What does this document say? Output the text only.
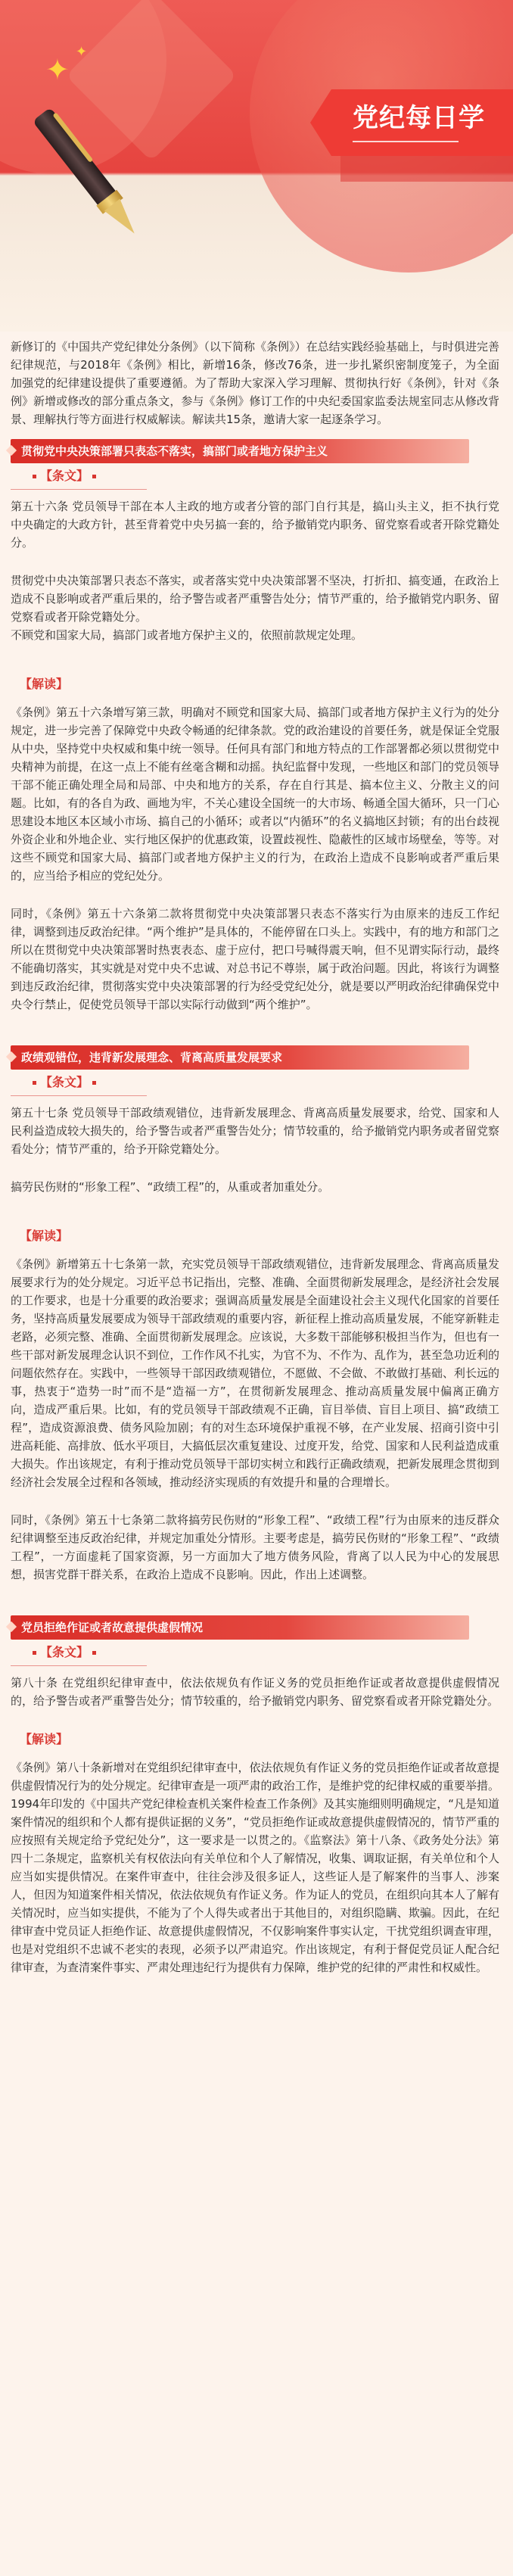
✦
✦
党纪每日学

新修订的《中国共产党纪律处分条例》（以下简称《条例》）在总结实践经验基础上，与时俱进完善纪律规范，与2018年《条例》相比，新增16条，修改76条，进一步扎紧织密制度笼子，为全面加强党的纪律建设提供了重要遵循。为了帮助大家深入学习理解、贯彻执行好《条例》，针对《条例》新增或修改的部分重点条文，参与《条例》修订工作的中央纪委国家监委法规室同志从修改背景、理解执行等方面进行权威解读。解读共15条，邀请大家一起逐条学习。

贯彻党中央决策部署只表态不落实，搞部门或者地方保护主义
【条文】

第五十六条 党员领导干部在本人主政的地方或者分管的部门自行其是，搞山头主义，拒不执行党中央确定的大政方针，甚至背着党中央另搞一套的，给予撤销党内职务、留党察看或者开除党籍处分。

贯彻党中央决策部署只表态不落实，或者落实党中央决策部署不坚决，打折扣、搞变通，在政治上造成不良影响或者严重后果的，给予警告或者严重警告处分；情节严重的，给予撤销党内职务、留党察看或者开除党籍处分。

不顾党和国家大局，搞部门或者地方保护主义的，依照前款规定处理。

【解读】

《条例》第五十六条增写第三款，明确对不顾党和国家大局、搞部门或者地方保护主义行为的处分规定，进一步完善了保障党中央政令畅通的纪律条款。党的政治建设的首要任务，就是保证全党服从中央，坚持党中央权威和集中统一领导。任何具有部门和地方特点的工作部署都必须以贯彻党中央精神为前提，在这一点上不能有丝毫含糊和动摇。执纪监督中发现，一些地区和部门的党员领导干部不能正确处理全局和局部、中央和地方的关系，存在自行其是、搞本位主义、分散主义的问题。比如，有的各自为政、画地为牢，不关心建设全国统一的大市场、畅通全国大循环，只一门心思建设本地区本区域小市场、搞自己的小循环；或者以“内循环”的名义搞地区封锁；有的出台歧视外资企业和外地企业、实行地区保护的优惠政策，设置歧视性、隐蔽性的区域市场壁垒，等等。对这些不顾党和国家大局、搞部门或者地方保护主义的行为，在政治上造成不良影响或者严重后果的，应当给予相应的党纪处分。

同时，《条例》第五十六条第二款将贯彻党中央决策部署只表态不落实行为由原来的违反工作纪律，调整到违反政治纪律。“两个维护”是具体的，不能停留在口头上。实践中，有的地方和部门之所以在贯彻党中央决策部署时热衷表态、虚于应付，把口号喊得震天响，但不见谓实际行动，最终不能确切落实，其实就是对党中央不忠诚、对总书记不尊崇，属于政治问题。因此，将该行为调整到违反政治纪律，贯彻落实党中央决策部署的行为经受党纪处分，就是要以严明政治纪律确保党中央令行禁止，促使党员领导干部以实际行动做到“两个维护”。

政绩观错位，违背新发展理念、背离高质量发展要求
【条文】

第五十七条 党员领导干部政绩观错位，违背新发展理念、背离高质量发展要求，给党、国家和人民利益造成较大损失的，给予警告或者严重警告处分；情节较重的，给予撤销党内职务或者留党察看处分；情节严重的，给予开除党籍处分。

搞劳民伤财的“形象工程”、“政绩工程”的，从重或者加重处分。

【解读】

《条例》新增第五十七条第一款，充实党员领导干部政绩观错位，违背新发展理念、背离高质量发展要求行为的处分规定。习近平总书记指出，完整、准确、全面贯彻新发展理念，是经济社会发展的工作要求，也是十分重要的政治要求；强调高质量发展是全面建设社会主义现代化国家的首要任务，坚持高质量发展要成为领导干部政绩观的重要内容，新征程上推动高质量发展，不能穿新鞋走老路，必须完整、准确、全面贯彻新发展理念。应该说，大多数干部能够积极担当作为，但也有一些干部对新发展理念认识不到位，工作作风不扎实，为官不为、不作为、乱作为，甚至急功近利的问题依然存在。实践中，一些领导干部因政绩观错位，不愿做、不会做、不敢做打基础、利长远的事，热衷于“造势一时”而不是“造福一方”，在贯彻新发展理念、推动高质量发展中偏离正确方向，造成严重后果。比如，有的党员领导干部政绩观不正确，盲目举债、盲目上项目、搞“政绩工程”，造成资源浪费、债务风险加剧；有的对生态环境保护重视不够，在产业发展、招商引资中引进高耗能、高排放、低水平项目，大搞低层次重复建设、过度开发，给党、国家和人民利益造成重大损失。作出该规定，有利于推动党员领导干部切实树立和践行正确政绩观，把新发展理念贯彻到经济社会发展全过程和各领域，推动经济实现质的有效提升和量的合理增长。

同时，《条例》第五十七条第二款将搞劳民伤财的“形象工程”、“政绩工程”行为由原来的违反群众纪律调整至违反政治纪律，并规定加重处分情形。主要考虑是，搞劳民伤财的“形象工程”、“政绩工程”，一方面虚耗了国家资源，另一方面加大了地方债务风险，背离了以人民为中心的发展思想，损害党群干群关系，在政治上造成不良影响。因此，作出上述调整。

党员拒绝作证或者故意提供虚假情况
【条文】

第八十条 在党组织纪律审查中，依法依规负有作证义务的党员拒绝作证或者故意提供虚假情况的，给予警告或者严重警告处分；情节较重的，给予撤销党内职务、留党察看或者开除党籍处分。

【解读】

《条例》第八十条新增对在党组织纪律审查中，依法依规负有作证义务的党员拒绝作证或者故意提供虚假情况行为的处分规定。纪律审查是一项严肃的政治工作，是维护党的纪律权威的重要举措。1994年印发的《中国共产党纪律检查机关案件检查工作条例》及其实施细则明确规定，“凡是知道案件情况的组织和个人都有提供证据的义务”，“党员拒绝作证或故意提供虚假情况的，情节严重的应按照有关规定给予党纪处分”，这一要求是一以贯之的。《监察法》第十八条、《政务处分法》第四十二条规定，监察机关有权依法向有关单位和个人了解情况，收集、调取证据，有关单位和个人应当如实提供情况。在案件审查中，往往会涉及很多证人，这些证人是了解案件的当事人、涉案人，但因为知道案件相关情况，依法依规负有作证义务。作为证人的党员，在组织向其本人了解有关情况时，应当如实提供，不能为了个人得失或者出于其他目的，对组织隐瞒、欺骗。因此，在纪律审查中党员证人拒绝作证、故意提供虚假情况，不仅影响案件事实认定，干扰党组织调查审理，也是对党组织不忠诚不老实的表现，必须予以严肃追究。作出该规定，有利于督促党员证人配合纪律审查，为查清案件事实、严肃处理违纪行为提供有力保障，维护党的纪律的严肃性和权威性。
